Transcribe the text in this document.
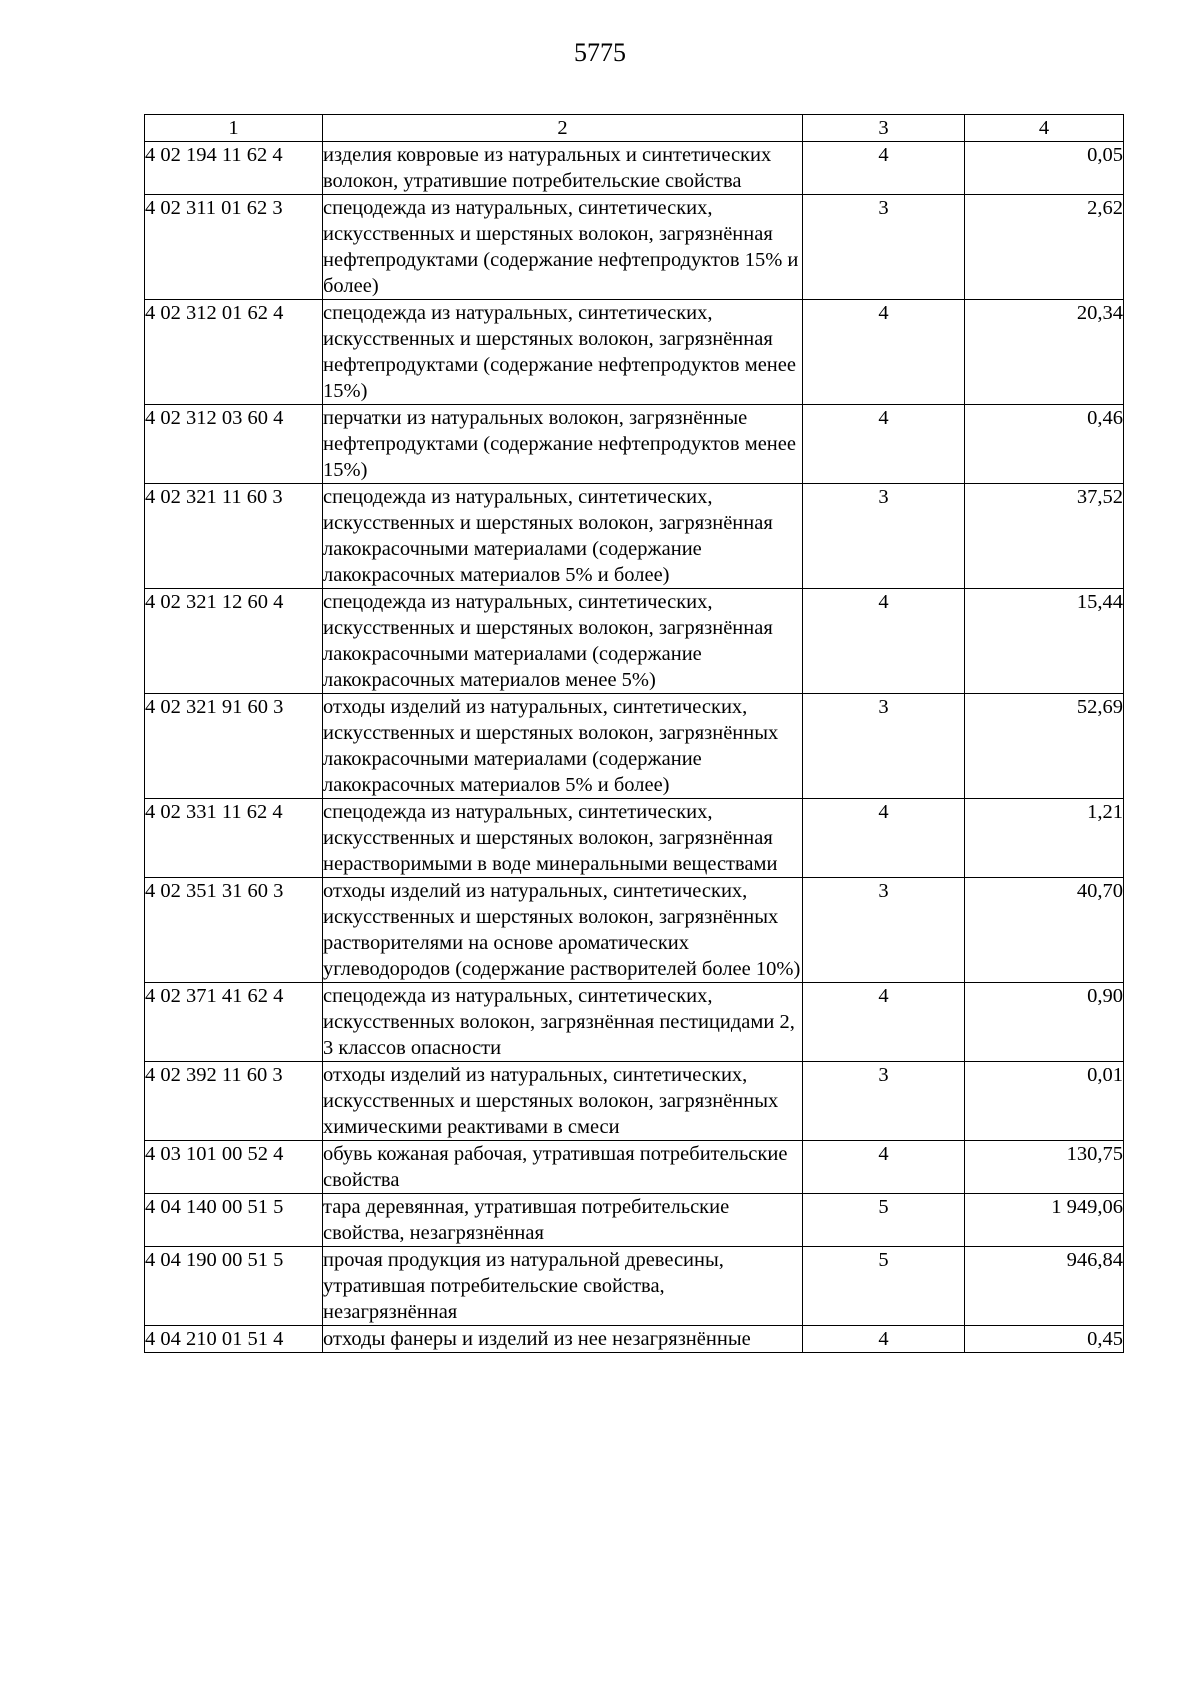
5775
1	2	3	4
4 02 194 11 62 4	изделия ковровые из натуральных и синтетических волокон, утратившие потребительские свойства	4	0,05
4 02 311 01 62 3	спецодежда из натуральных, синтетических, искусственных и шерстяных волокон, загрязнённая нефтепродуктами (содержание нефтепродуктов 15% и более)	3	2,62
4 02 312 01 62 4	спецодежда из натуральных, синтетических, искусственных и шерстяных волокон, загрязнённая нефтепродуктами (содержание нефтепродуктов менее 15%)	4	20,34
4 02 312 03 60 4	перчатки из натуральных волокон, загрязнённые нефтепродуктами (содержание нефтепродуктов менее 15%)	4	0,46
4 02 321 11 60 3	спецодежда из натуральных, синтетических, искусственных и шерстяных волокон, загрязнённая лакокрасочными материалами (содержание лакокрасочных материалов 5% и более)	3	37,52
4 02 321 12 60 4	спецодежда из натуральных, синтетических, искусственных и шерстяных волокон, загрязнённая лакокрасочными материалами (содержание лакокрасочных материалов менее 5%)	4	15,44
4 02 321 91 60 3	отходы изделий из натуральных, синтетических, искусственных и шерстяных волокон, загрязнённых лакокрасочными материалами (содержание лакокрасочных материалов 5% и более)	3	52,69
4 02 331 11 62 4	спецодежда из натуральных, синтетических, искусственных и шерстяных волокон, загрязнённая нерастворимыми в воде минеральными веществами	4	1,21
4 02 351 31 60 3	отходы изделий из натуральных, синтетических, искусственных и шерстяных волокон, загрязнённых растворителями на основе ароматических углеводородов (содержание растворителей более 10%)	3	40,70
4 02 371 41 62 4	спецодежда из натуральных, синтетических, искусственных волокон, загрязнённая пестицидами 2, 3 классов опасности	4	0,90
4 02 392 11 60 3	отходы изделий из натуральных, синтетических, искусственных и шерстяных волокон, загрязнённых химическими реактивами в смеси	3	0,01
4 03 101 00 52 4	обувь кожаная рабочая, утратившая потребительские свойства	4	130,75
4 04 140 00 51 5	тара деревянная, утратившая потребительские свойства, незагрязнённая	5	1 949,06
4 04 190 00 51 5	прочая продукция из натуральной древесины, утратившая потребительские свойства, незагрязнённая	5	946,84
4 04 210 01 51 4	отходы фанеры и изделий из нее незагрязнённые	4	0,45
